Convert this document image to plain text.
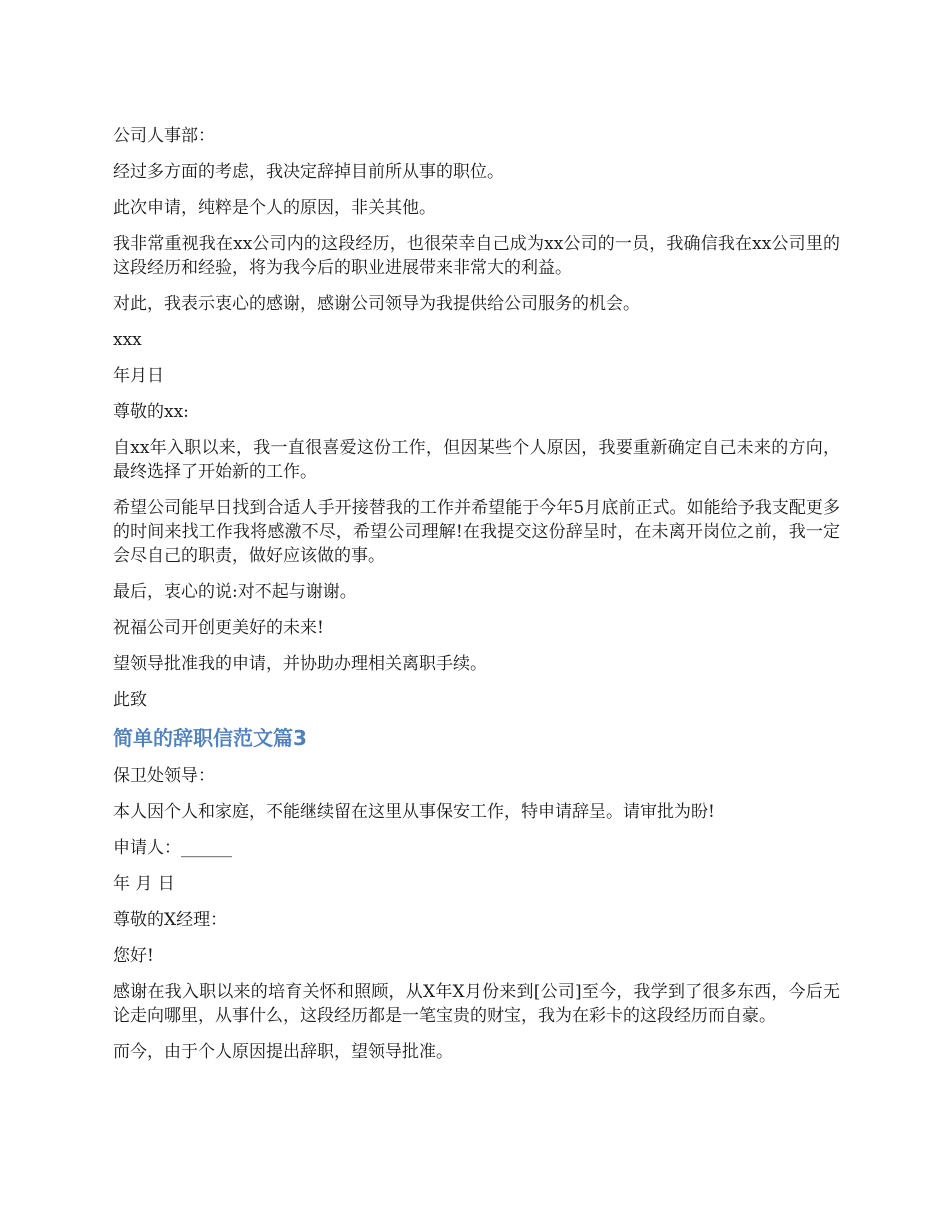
公司人事部：

经过多方面的考虑，我决定辞掉目前所从事的职位。

此次申请，纯粹是个人的原因，非关其他。

我非常重视我在xx公司内的这段经历，也很荣幸自己成为xx公司的一员，我确信我在xx公司里的这段经历和经验，将为我今后的职业进展带来非常大的利益。

对此，我表示衷心的感谢，感谢公司领导为我提供给公司服务的机会。

xxx

年月日

尊敬的xx:

自xx年入职以来，我一直很喜爱这份工作，但因某些个人原因，我要重新确定自己未来的方向，最终选择了开始新的工作。

希望公司能早日找到合适人手开接替我的工作并希望能于今年5月底前正式。如能给予我支配更多的时间来找工作我将感激不尽，希望公司理解!在我提交这份辞呈时，在未离开岗位之前，我一定会尽自己的职责，做好应该做的事。

最后，衷心的说:对不起与谢谢。

祝福公司开创更美好的未来!

望领导批准我的申请，并协助办理相关离职手续。

此致

简单的辞职信范文篇3

保卫处领导：

本人因个人和家庭，不能继续留在这里从事保安工作，特申请辞呈。请审批为盼!

申请人：______

年 月 日

尊敬的X经理：

您好!

感谢在我入职以来的培育关怀和照顾，从X年X月份来到[公司]至今，我学到了很多东西，今后无论走向哪里，从事什么，这段经历都是一笔宝贵的财宝，我为在彩卡的这段经历而自豪。

而今，由于个人原因提出辞职，望领导批准。
